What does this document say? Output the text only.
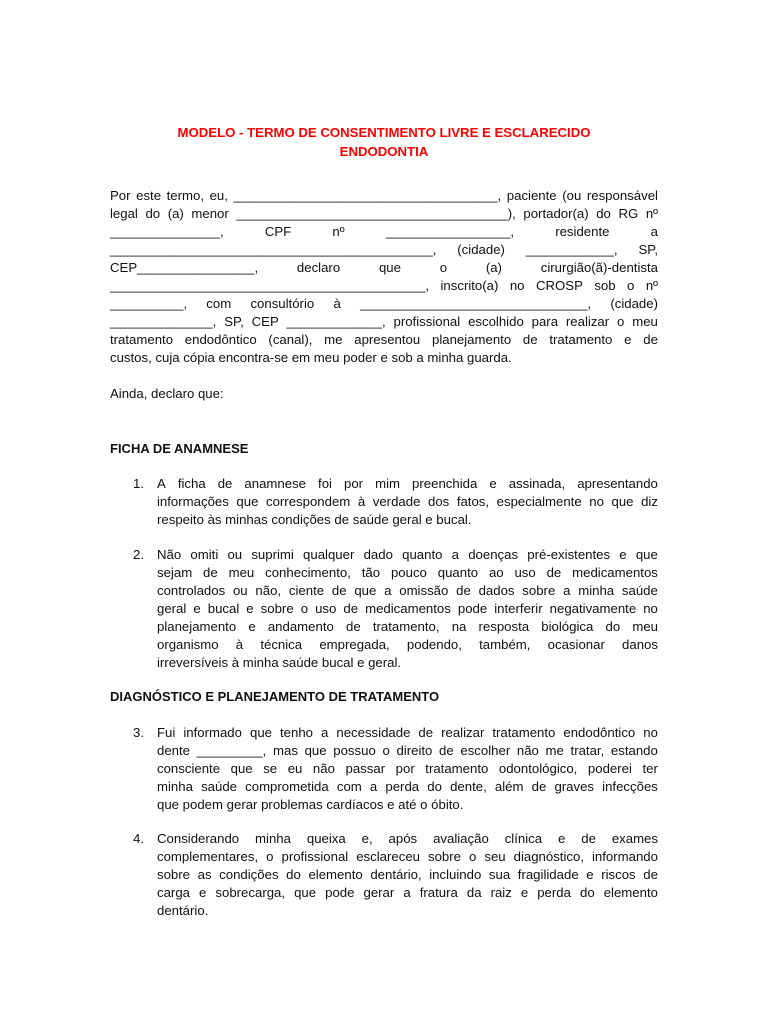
MODELO - TERMO DE CONSENTIMENTO LIVRE E ESCLARECIDO
ENDODONTIA
Por este termo, eu, ____________________________________, paciente (ou responsável
legal do (a) menor _____________________________________), portador(a) do RG nº
_______________,	CPF	nº	_________________,	residente	a
____________________________________________, (cidade) ____________, SP,
CEP________________,	declaro	que	o	(a)	cirurgião(ã)-dentista
___________________________________________, inscrito(a) no CROSP sob o nº
__________, com consultório à _______________________________, (cidade)
______________, SP, CEP _____________, profissional escolhido para realizar o meu
tratamento endodôntico (canal), me apresentou planejamento de tratamento e de
custos, cuja cópia encontra-se em meu poder e sob a minha guarda.
Ainda, declaro que:
FICHA DE ANAMNESE
1. A ficha de anamnese foi por mim preenchida e assinada, apresentando
informações que correspondem à verdade dos fatos, especialmente no que diz
respeito às minhas condições de saúde geral e bucal.
2. Não omiti ou suprimi qualquer dado quanto a doenças pré-existentes e que
sejam de meu conhecimento, tão pouco quanto ao uso de medicamentos
controlados ou não, ciente de que a omissão de dados sobre a minha saúde
geral e bucal e sobre o uso de medicamentos pode interferir negativamente no
planejamento e andamento de tratamento, na resposta biológica do meu
organismo à técnica empregada, podendo, também, ocasionar danos
irreversíveis à minha saúde bucal e geral.
DIAGNÓSTICO E PLANEJAMENTO DE TRATAMENTO
3. Fui informado que tenho a necessidade de realizar tratamento endodôntico no
dente _________, mas que possuo o direito de escolher não me tratar, estando
consciente que se eu não passar por tratamento odontológico, poderei ter
minha saúde comprometida com a perda do dente, além de graves infecções
que podem gerar problemas cardíacos e até o óbito.
4. Considerando minha queixa e, após avaliação clínica e de exames
complementares, o profissional esclareceu sobre o seu diagnóstico, informando
sobre as condições do elemento dentário, incluindo sua fragilidade e riscos de
carga e sobrecarga, que pode gerar a fratura da raiz e perda do elemento
dentário.
